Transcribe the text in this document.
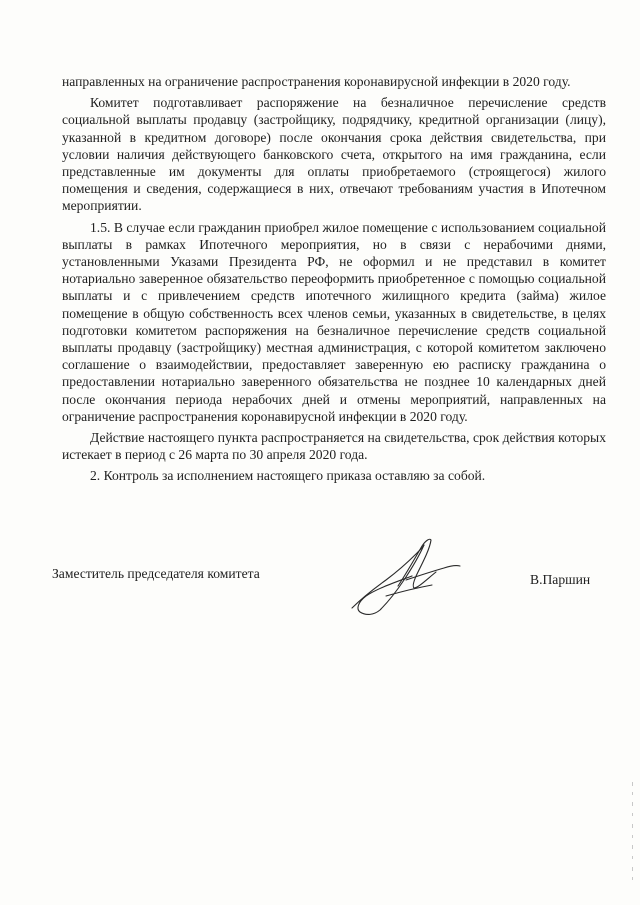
направленных на ограничение распространения коронавирусной инфекции в 2020 году.

Комитет подготавливает распоряжение на безналичное перечисление средств социальной выплаты продавцу (застройщику, подрядчику, кредитной организации (лицу), указанной в кредитном договоре) после окончания срока действия свидетельства, при условии наличия действующего банковского счета, открытого на имя гражданина, если представленные им документы для оплаты приобретаемого (строящегося) жилого помещения и сведения, содержащиеся в них, отвечают требованиям участия в Ипотечном мероприятии.

1.5. В случае если гражданин приобрел жилое помещение с использованием социальной выплаты в рамках Ипотечного мероприятия, но в связи с нерабочими днями, установленными Указами Президента РФ, не оформил и не представил в комитет нотариально заверенное обязательство переоформить приобретенное с помощью социальной выплаты и с привлечением средств ипотечного жилищного кредита (займа) жилое помещение в общую собственность всех членов семьи, указанных в свидетельстве, в целях подготовки комитетом распоряжения на безналичное перечисление средств социальной выплаты продавцу (застройщику) местная администрация, с которой комитетом заключено соглашение о взаимодействии, предоставляет заверенную ею расписку гражданина о предоставлении нотариально заверенного обязательства не позднее 10 календарных дней после окончания периода нерабочих дней и отмены мероприятий, направленных на ограничение распространения коронавирусной инфекции в 2020 году.

Действие настоящего пункта распространяется на свидетельства, срок действия которых истекает в период с 26 марта по 30 апреля 2020 года.

2. Контроль за исполнением настоящего приказа оставляю за собой.

Заместитель председателя комитета	В.Паршин
